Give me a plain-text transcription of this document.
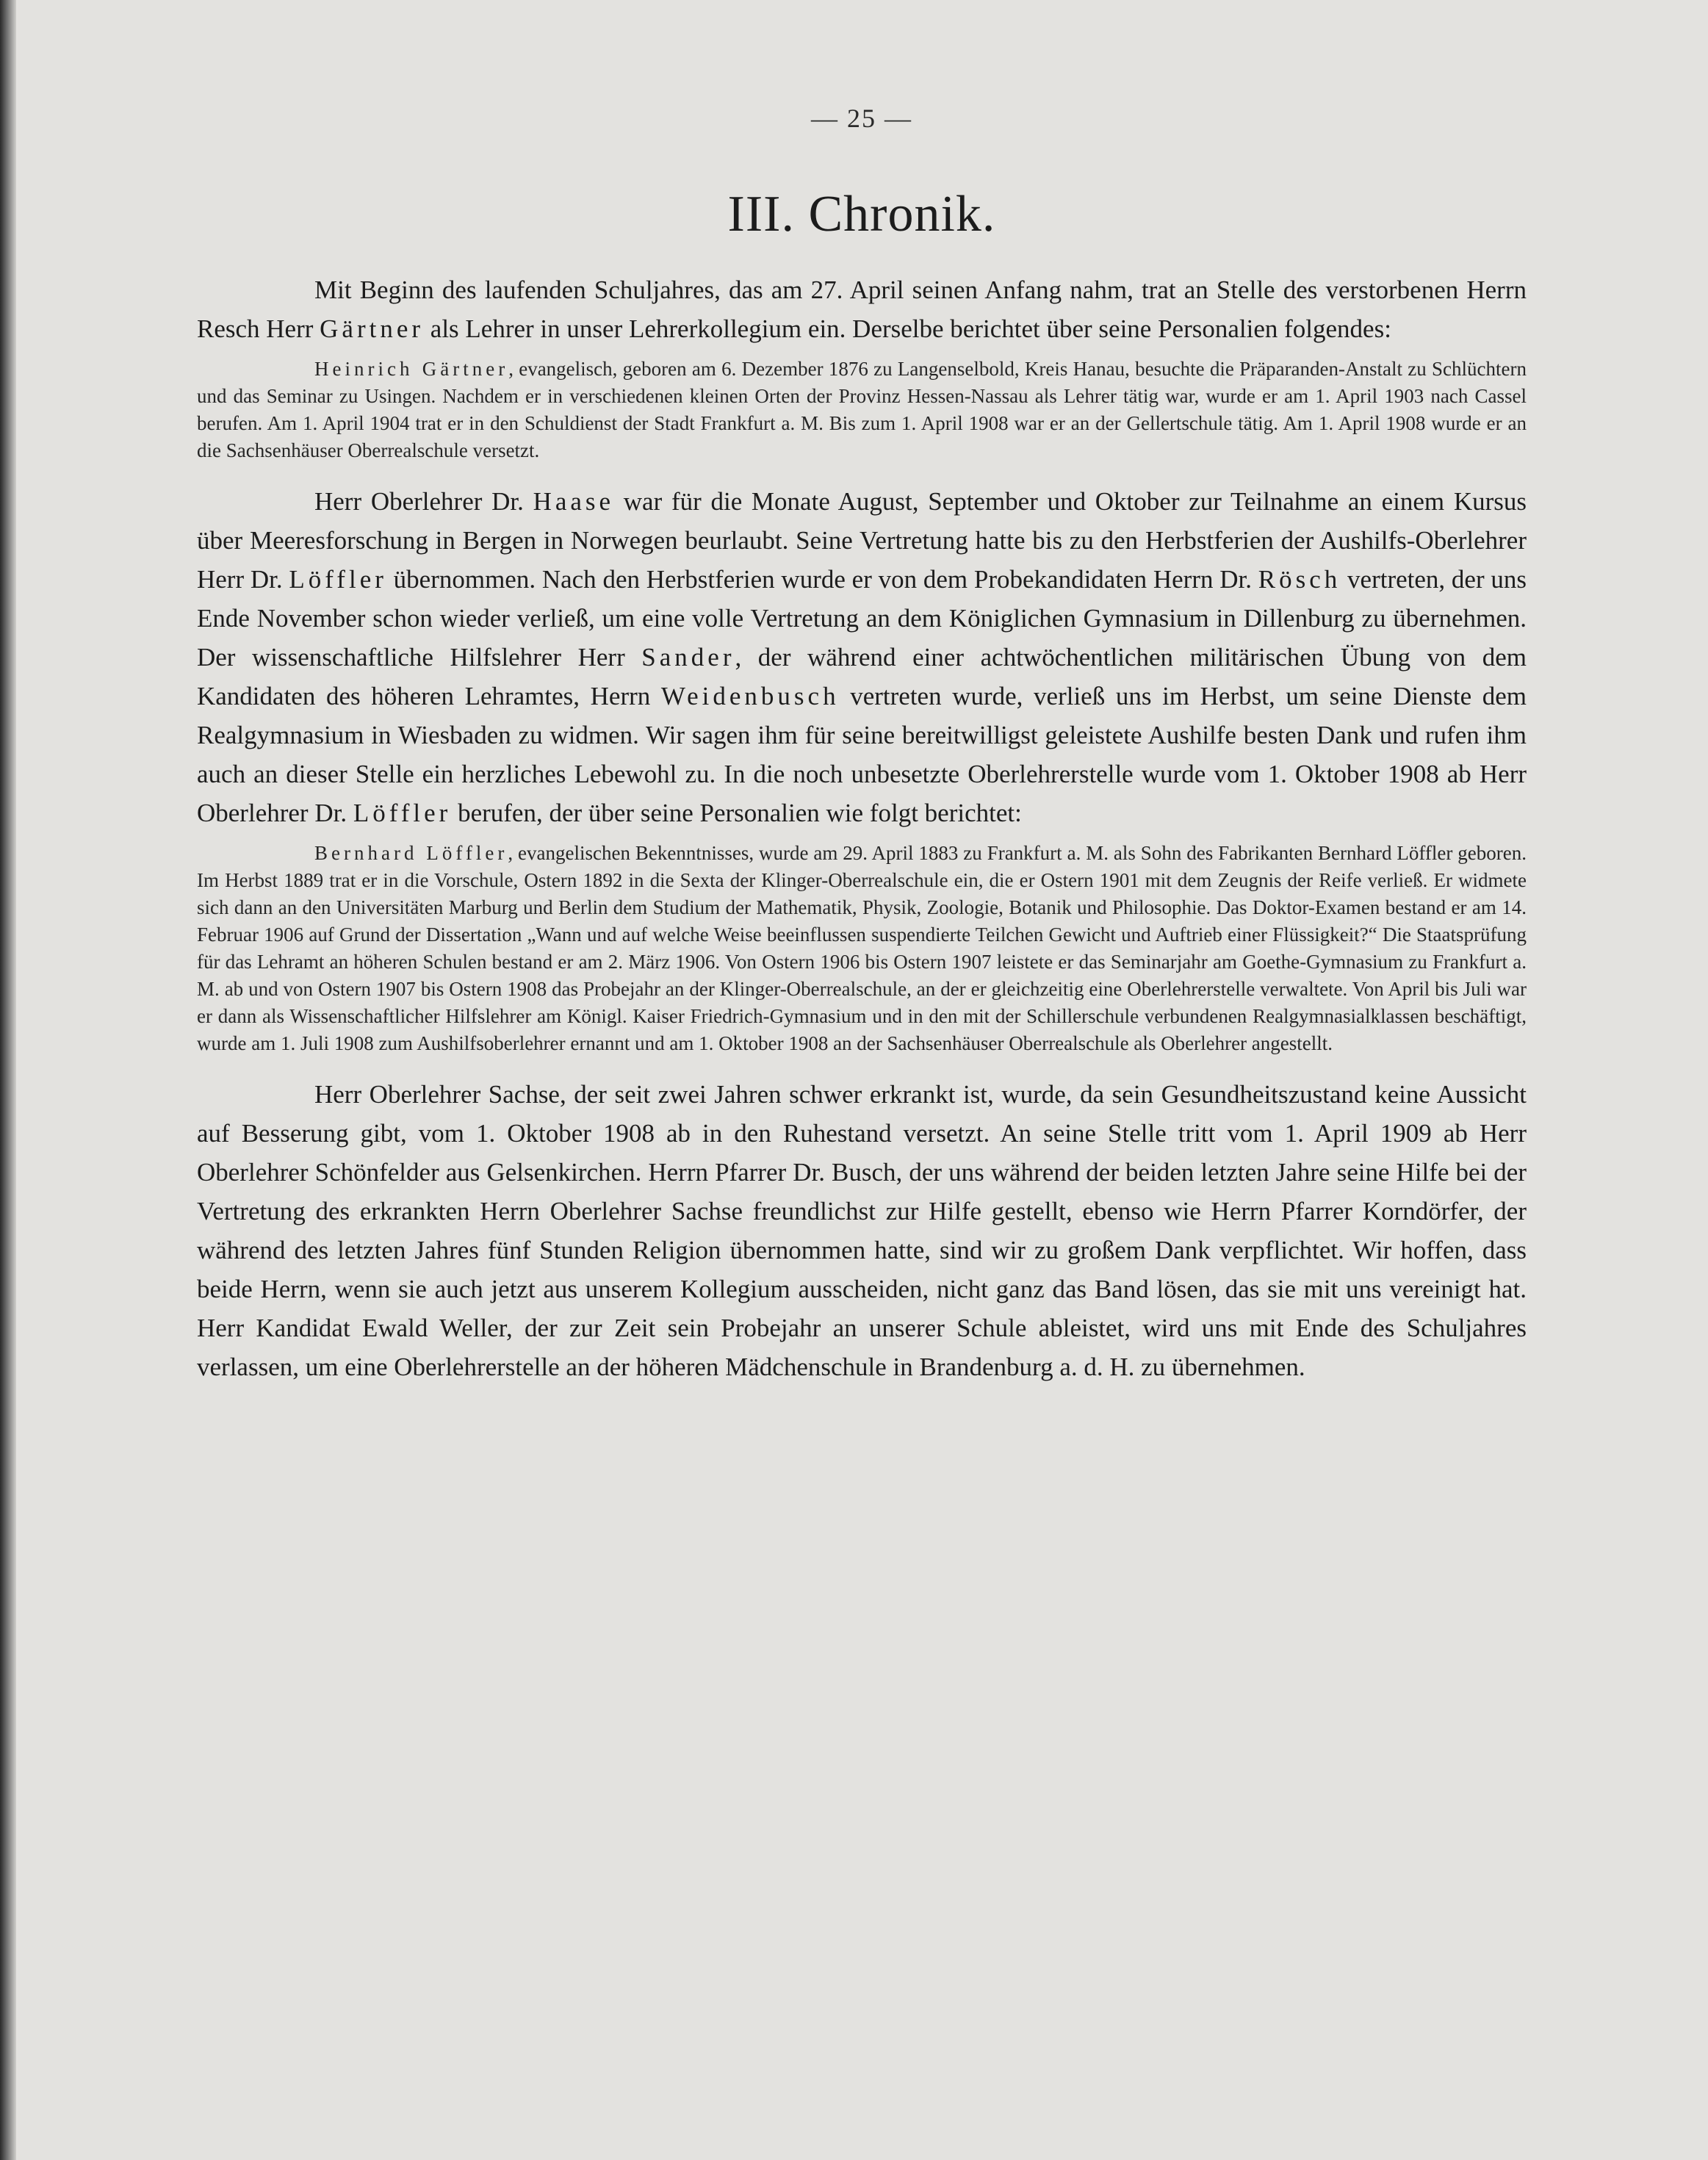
— 25 —
III. Chronik.

Mit Beginn des laufenden Schuljahres, das am 27. April seinen Anfang nahm, trat an Stelle des verstorbenen Herrn Resch Herr Gärtner als Lehrer in unser Lehrerkollegium ein. Derselbe berichtet über seine Personalien folgendes:

Heinrich Gärtner, evangelisch, geboren am 6. Dezember 1876 zu Langenselbold, Kreis Hanau, besuchte die Präparanden-Anstalt zu Schlüchtern und das Seminar zu Usingen. Nachdem er in verschiedenen kleinen Orten der Provinz Hessen-Nassau als Lehrer tätig war, wurde er am 1. April 1903 nach Cassel berufen. Am 1. April 1904 trat er in den Schuldienst der Stadt Frankfurt a. M. Bis zum 1. April 1908 war er an der Gellertschule tätig. Am 1. April 1908 wurde er an die Sachsenhäuser Oberrealschule versetzt.

Herr Oberlehrer Dr. Haase war für die Monate August, September und Oktober zur Teilnahme an einem Kursus über Meeresforschung in Bergen in Norwegen beurlaubt. Seine Vertretung hatte bis zu den Herbstferien der Aushilfs-Oberlehrer Herr Dr. Löffler übernommen. Nach den Herbstferien wurde er von dem Probekandidaten Herrn Dr. Rösch vertreten, der uns Ende November schon wieder verließ, um eine volle Vertretung an dem Königlichen Gymnasium in Dillenburg zu übernehmen. Der wissenschaftliche Hilfslehrer Herr Sander, der während einer achtwöchentlichen militärischen Übung von dem Kandidaten des höheren Lehramtes, Herrn Weidenbusch vertreten wurde, verließ uns im Herbst, um seine Dienste dem Realgymnasium in Wiesbaden zu widmen. Wir sagen ihm für seine bereitwilligst geleistete Aushilfe besten Dank und rufen ihm auch an dieser Stelle ein herzliches Lebewohl zu. In die noch unbesetzte Oberlehrerstelle wurde vom 1. Oktober 1908 ab Herr Oberlehrer Dr. Löffler berufen, der über seine Personalien wie folgt berichtet:

Bernhard Löffler, evangelischen Bekenntnisses, wurde am 29. April 1883 zu Frankfurt a. M. als Sohn des Fabrikanten Bernhard Löffler geboren. Im Herbst 1889 trat er in die Vorschule, Ostern 1892 in die Sexta der Klinger-Oberrealschule ein, die er Ostern 1901 mit dem Zeugnis der Reife verließ. Er widmete sich dann an den Universitäten Marburg und Berlin dem Studium der Mathematik, Physik, Zoologie, Botanik und Philosophie. Das Doktor-Examen bestand er am 14. Februar 1906 auf Grund der Dissertation „Wann und auf welche Weise beeinflussen suspendierte Teilchen Gewicht und Auftrieb einer Flüssigkeit?“ Die Staatsprüfung für das Lehramt an höheren Schulen bestand er am 2. März 1906. Von Ostern 1906 bis Ostern 1907 leistete er das Seminarjahr am Goethe-Gymnasium zu Frankfurt a. M. ab und von Ostern 1907 bis Ostern 1908 das Probejahr an der Klinger-Oberrealschule, an der er gleichzeitig eine Oberlehrerstelle verwaltete. Von April bis Juli war er dann als Wissenschaftlicher Hilfslehrer am Königl. Kaiser Friedrich-Gymnasium und in den mit der Schillerschule verbundenen Realgymnasialklassen beschäftigt, wurde am 1. Juli 1908 zum Aushilfsoberlehrer ernannt und am 1. Oktober 1908 an der Sachsenhäuser Oberrealschule als Oberlehrer angestellt.

Herr Oberlehrer Sachse, der seit zwei Jahren schwer erkrankt ist, wurde, da sein Gesundheitszustand keine Aussicht auf Besserung gibt, vom 1. Oktober 1908 ab in den Ruhestand versetzt. An seine Stelle tritt vom 1. April 1909 ab Herr Oberlehrer Schönfelder aus Gelsenkirchen. Herrn Pfarrer Dr. Busch, der uns während der beiden letzten Jahre seine Hilfe bei der Vertretung des erkrankten Herrn Oberlehrer Sachse freundlichst zur Hilfe gestellt, ebenso wie Herrn Pfarrer Korndörfer, der während des letzten Jahres fünf Stunden Religion übernommen hatte, sind wir zu großem Dank verpflichtet. Wir hoffen, dass beide Herrn, wenn sie auch jetzt aus unserem Kollegium ausscheiden, nicht ganz das Band lösen, das sie mit uns vereinigt hat. Herr Kandidat Ewald Weller, der zur Zeit sein Probejahr an unserer Schule ableistet, wird uns mit Ende des Schuljahres verlassen, um eine Oberlehrerstelle an der höheren Mädchenschule in Brandenburg a. d. H. zu übernehmen.
